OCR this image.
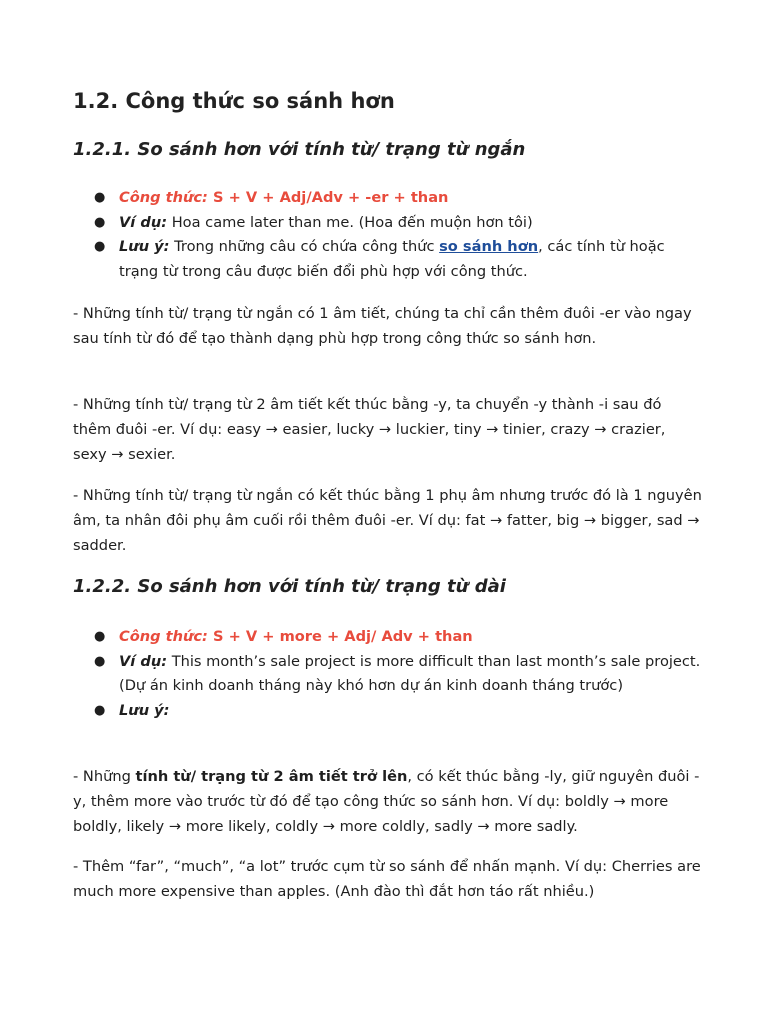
1.2. Công thức so sánh hơn
1.2.1. So sánh hơn với tính từ/ trạng từ ngắn
● Công thức: S + V + Adj/Adv + -er + than
● Ví dụ: Hoa came later than me. (Hoa đến muộn hơn tôi)
● Lưu ý: Trong những câu có chứa công thức so sánh hơn, các tính từ hoặc trạng từ trong câu được biến đổi phù hợp với công thức.

- Những tính từ/ trạng từ ngắn có 1 âm tiết, chúng ta chỉ cần thêm đuôi -er vào ngay sau tính từ đó để tạo thành dạng phù hợp trong công thức so sánh hơn.

- Những tính từ/ trạng từ 2 âm tiết kết thúc bằng -y, ta chuyển -y thành -i sau đó thêm đuôi -er. Ví dụ: easy → easier, lucky → luckier, tiny → tinier, crazy → crazier, sexy → sexier.

- Những tính từ/ trạng từ ngắn có kết thúc bằng 1 phụ âm nhưng trước đó là 1 nguyên âm, ta nhân đôi phụ âm cuối rồi thêm đuôi -er. Ví dụ: fat → fatter, big → bigger, sad → sadder.

1.2.2. So sánh hơn với tính từ/ trạng từ dài
● Công thức: S + V + more + Adj/ Adv + than
● Ví dụ: This month’s sale project is more difficult than last month’s sale project. (Dự án kinh doanh tháng này khó hơn dự án kinh doanh tháng trước)
● Lưu ý:

- Những tính từ/ trạng từ 2 âm tiết trở lên, có kết thúc bằng -ly, giữ nguyên đuôi -y, thêm more vào trước từ đó để tạo công thức so sánh hơn. Ví dụ: boldly → more boldly, likely → more likely, coldly → more coldly, sadly → more sadly.

- Thêm “far”, “much”, “a lot” trước cụm từ so sánh để nhấn mạnh. Ví dụ: Cherries are much more expensive than apples. (Anh đào thì đắt hơn táo rất nhiều.)
